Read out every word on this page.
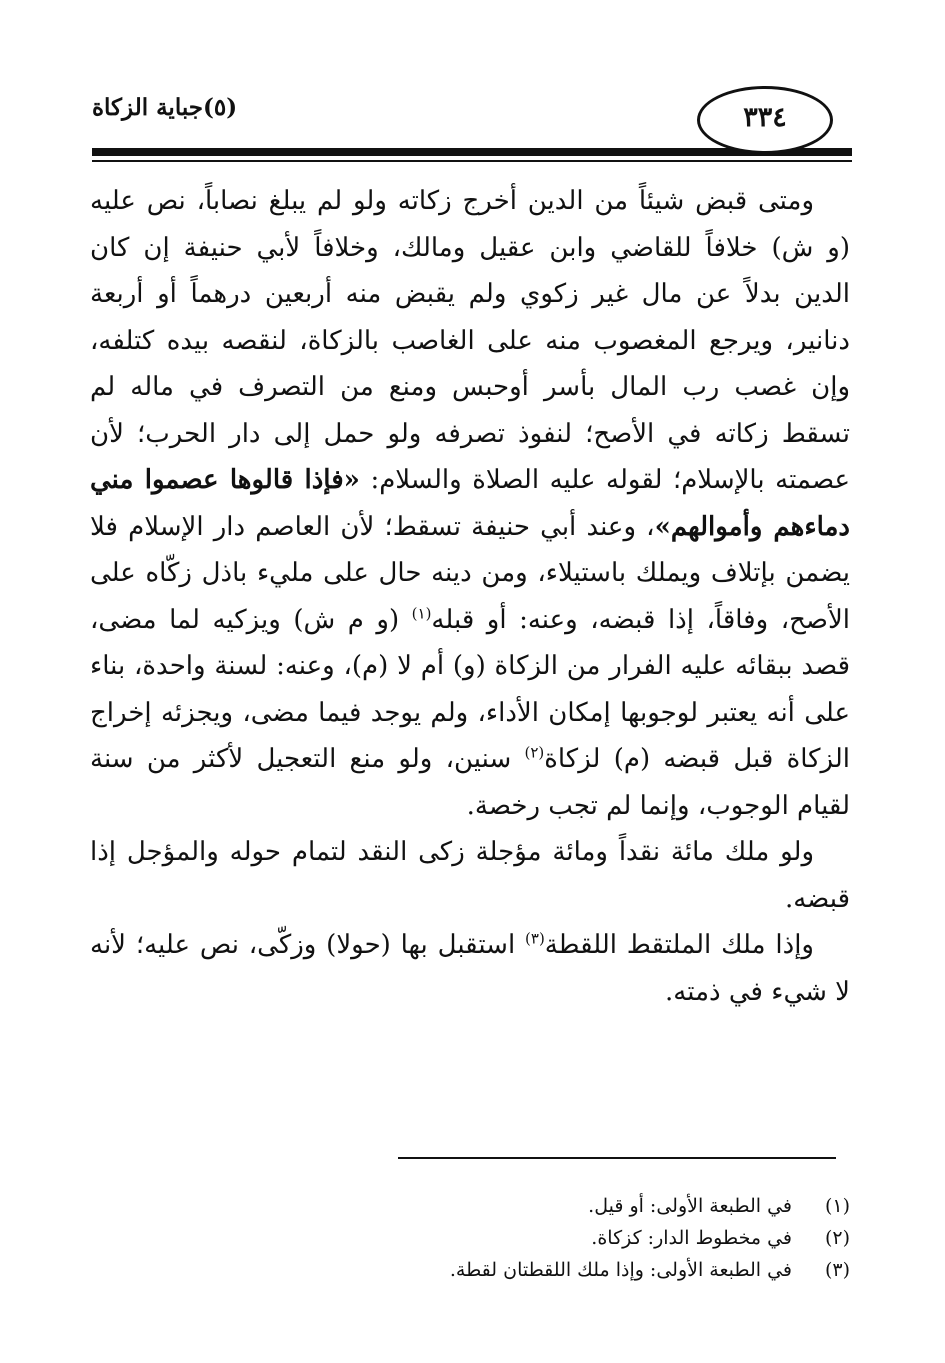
(٥)جباية الزكاة	٣٣٤

ومتى قبض شيئاً من الدين أخرج زكاته ولو لم يبلغ نصاباً، نص عليه (و ش) خلافاً للقاضي وابن عقيل ومالك، وخلافاً لأبي حنيفة إن كان الدين بدلاً عن مال غير زكوي ولم يقبض منه أربعين درهماً أو أربعة دنانير، ويرجع المغصوب منه على الغاصب بالزكاة، لنقصه بيده كتلفه، وإن غصب رب المال بأسر أوحبس ومنع من التصرف في ماله لم تسقط زكاته في الأصح؛ لنفوذ تصرفه ولو حمل إلى دار الحرب؛ لأن عصمته بالإسلام؛ لقوله عليه الصلاة والسلام: «فإذا قالوها عصموا مني دماءهم وأموالهم»، وعند أبي حنيفة تسقط؛ لأن العاصم دار الإسلام فلا يضمن بإتلاف ويملك باستيلاء، ومن دينه حال على مليء باذل زكّاه على الأصح، وفاقاً، إذا قبضه، وعنه: أو قبله$^{(١)}$ (و م ش) ويزكيه لما مضى، قصد ببقائه عليه الفرار من الزكاة (و) أم لا (م)، وعنه: لسنة واحدة، بناء على أنه يعتبر لوجوبها إمكان الأداء، ولم يوجد فيما مضى، ويجزئه إخراج الزكاة قبل قبضه (م) لزكاة$^{(٢)}$ سنين، ولو منع التعجيل لأكثر من سنة لقيام الوجوب، وإنما لم تجب رخصة.

ولو ملك مائة نقداً ومائة مؤجلة زكى النقد لتمام حوله والمؤجل إذا قبضه.

وإذا ملك الملتقط اللقطة$^{(٣)}$ استقبل بها (حولا) وزكّى، نص عليه؛ لأنه لا شيء في ذمته.

(١)
في الطبعة الأولى: أو قيل.
(٢)
في مخطوط الدار: كزكاة.
(٣)
في الطبعة الأولى: وإذا ملك اللقطتان لقطة.
